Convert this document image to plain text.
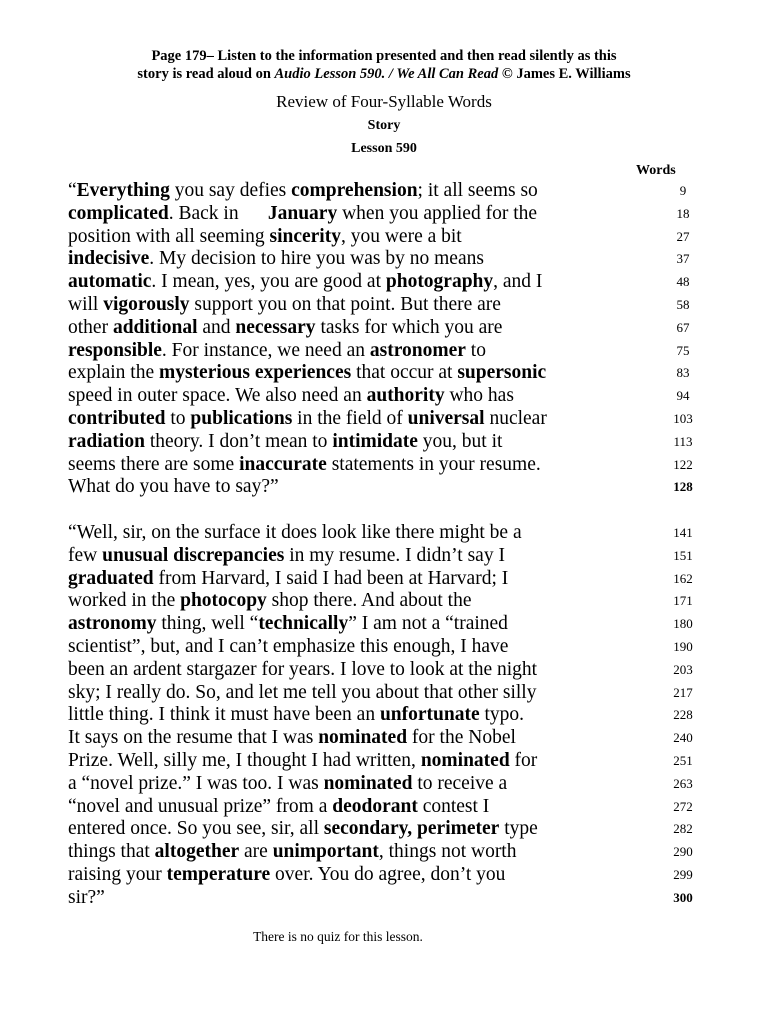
Page 179– Listen to the information presented and then read silently as this
story is read aloud on Audio Lesson 590. / We All Can Read © James E. Williams
Review of Four-Syllable Words
Story
Lesson 590
Words
“Everything you say defies comprehension; it all seems so	9
complicated. Back in      January when you applied for the	18
position with all seeming sincerity, you were a bit	27
indecisive. My decision to hire you was by no means	37
automatic. I mean, yes, you are good at photography, and I	48
will vigorously support you on that point. But there are	58
other additional and necessary tasks for which you are	67
responsible. For instance, we need an astronomer to	75
explain the mysterious experiences that occur at supersonic	83
speed in outer space. We also need an authority who has	94
contributed to publications in the field of universal nuclear	103
radiation theory. I don’t mean to intimidate you, but it	113
seems there are some inaccurate statements in your resume.	122
What do you have to say?”	128
“Well, sir, on the surface it does look like there might be a	141
few unusual discrepancies in my resume. I didn’t say I	151
graduated from Harvard, I said I had been at Harvard; I	162
worked in the photocopy shop there. And about the	171
astronomy thing, well “technically” I am not a “trained	180
scientist”, but, and I can’t emphasize this enough, I have	190
been an ardent stargazer for years. I love to look at the night	203
sky; I really do. So, and let me tell you about that other silly	217
little thing. I think it must have been an unfortunate typo.	228
It says on the resume that I was nominated for the Nobel	240
Prize. Well, silly me, I thought I had written, nominated for	251
a “novel prize.” I was too. I was nominated to receive a	263
“novel and unusual prize” from a deodorant contest I	272
entered once. So you see, sir, all secondary, perimeter type	282
things that altogether are unimportant, things not worth	290
raising your temperature over. You do agree, don’t you	299
sir?”	300
There is no quiz for this lesson.
